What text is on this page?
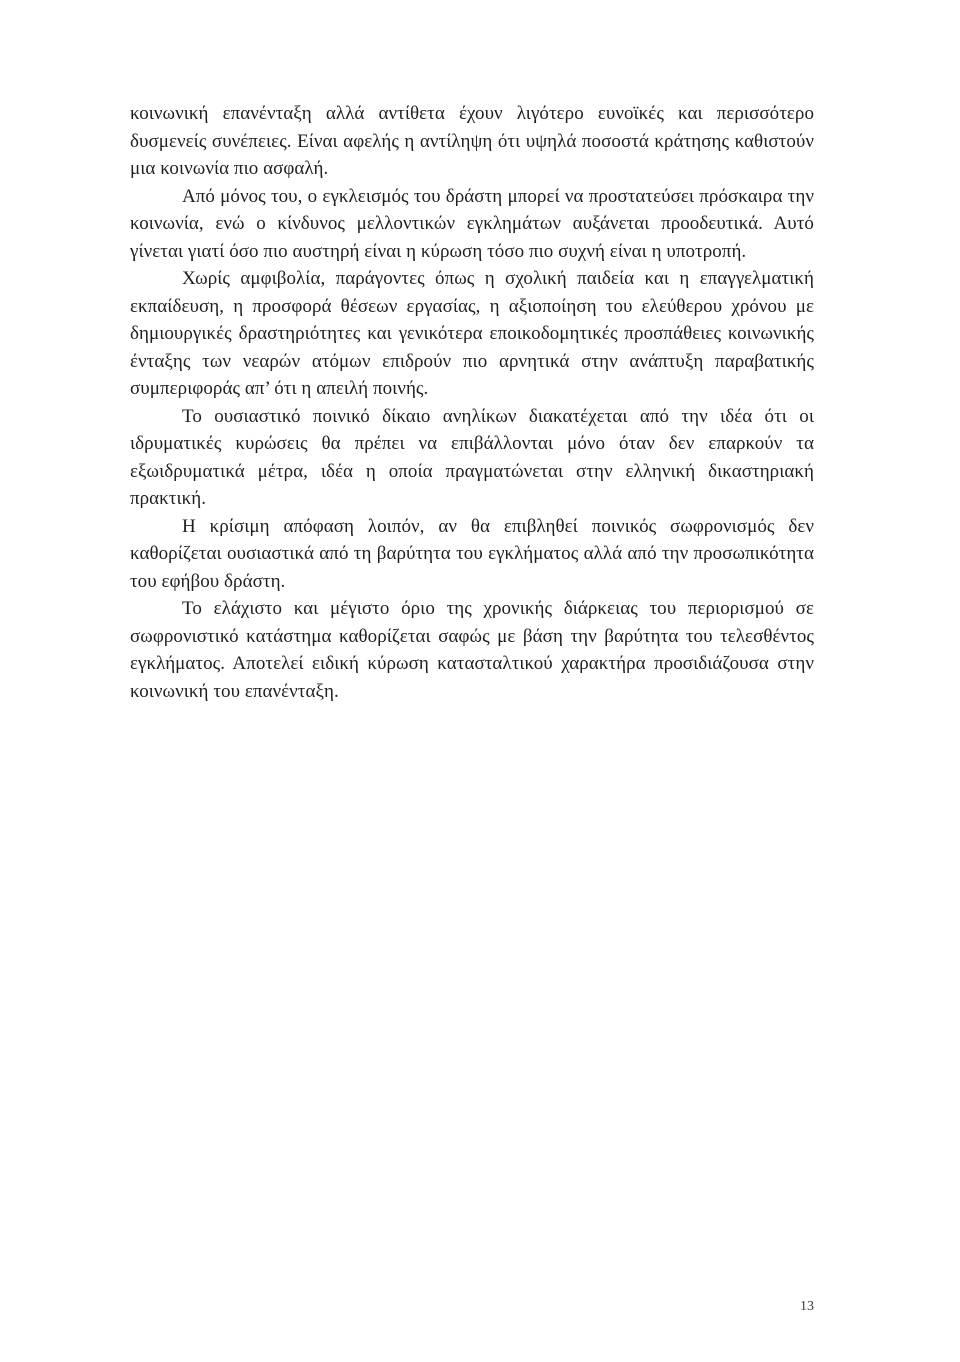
κοινωνική επανένταξη αλλά αντίθετα έχουν λιγότερο ευνοϊκές και περισσότερο δυσμενείς συνέπειες. Είναι αφελής η αντίληψη ότι υψηλά ποσοστά κράτησης καθιστούν μια κοινωνία πιο ασφαλή.

Από μόνος του, ο εγκλεισμός του δράστη μπορεί να προστατεύσει πρόσκαιρα την κοινωνία, ενώ ο κίνδυνος μελλοντικών εγκλημάτων αυξάνεται προοδευτικά. Αυτό γίνεται γιατί όσο πιο αυστηρή είναι η κύρωση τόσο πιο συχνή είναι η υποτροπή.

Χωρίς αμφιβολία, παράγοντες όπως η σχολική παιδεία και η επαγγελματική εκπαίδευση, η προσφορά θέσεων εργασίας, η αξιοποίηση του ελεύθερου χρόνου με δημιουργικές δραστηριότητες και γενικότερα εποικοδομητικές προσπάθειες κοινωνικής ένταξης των νεαρών ατόμων επιδρούν πιο αρνητικά στην ανάπτυξη παραβατικής συμπεριφοράς απ’ ότι η απειλή ποινής.

Το ουσιαστικό ποινικό δίκαιο ανηλίκων διακατέχεται από την ιδέα ότι οι ιδρυματικές κυρώσεις θα πρέπει να επιβάλλονται μόνο όταν δεν επαρκούν τα εξωιδρυματικά μέτρα, ιδέα η οποία πραγματώνεται στην ελληνική δικαστηριακή πρακτική.

Η κρίσιμη απόφαση λοιπόν, αν θα επιβληθεί ποινικός σωφρονισμός δεν καθορίζεται ουσιαστικά από τη βαρύτητα του εγκλήματος αλλά από την προσωπικότητα του εφήβου δράστη.

Το ελάχιστο και μέγιστο όριο της χρονικής διάρκειας του περιορισμού σε σωφρονιστικό κατάστημα καθορίζεται σαφώς με βάση την βαρύτητα του τελεσθέντος εγκλήματος. Αποτελεί ειδική κύρωση κατασταλτικού χαρακτήρα προσιδιάζουσα στην κοινωνική του επανένταξη.

13
